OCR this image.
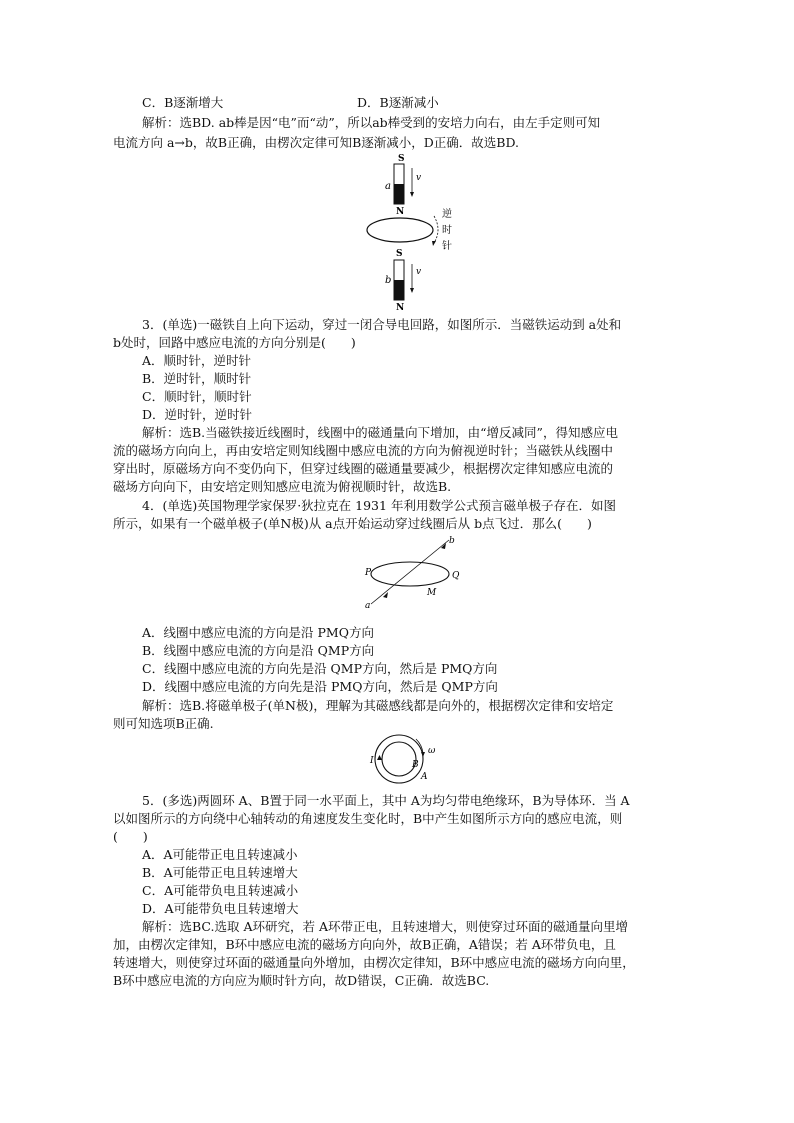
C．B逐渐增大	D．B逐渐减小
解析：选BD. ab棒是因“电”而“动”，所以ab棒受到的安培力向右，由左手定则可知
电流方向 a→b，故B正确，由楞次定律可知B逐渐减小，D正确．故选BD.
S
a
v
N	逆
时
针
S
b
v
N
3．(单选)一磁铁自上向下运动，穿过一闭合导电回路，如图所示．当磁铁运动到 a处和
b处时，回路中感应电流的方向分别是(　　)
A．顺时针，逆时针
B．逆时针，顺时针
C．顺时针，顺时针
D．逆时针，逆时针
解析：选B.当磁铁接近线圈时，线圈中的磁通量向下增加，由“增反减同”，得知感应电
流的磁场方向向上，再由安培定则知线圈中感应电流的方向为俯视逆时针；当磁铁从线圈中
穿出时，原磁场方向不变仍向下，但穿过线圈的磁通量要减少，根据楞次定律知感应电流的
磁场方向向下，由安培定则知感应电流为俯视顺时针，故选B.
4．(单选)英国物理学家保罗·狄拉克在 1931 年利用数学公式预言磁单极子存在．如图
所示，如果有一个磁单极子(单N极)从 a点开始运动穿过线圈后从 b点飞过．那么(　　)
P	Q
M
a
b
A．线圈中感应电流的方向是沿 PMQ方向
B．线圈中感应电流的方向是沿 QMP方向
C．线圈中感应电流的方向先是沿 QMP方向，然后是 PMQ方向
D．线圈中感应电流的方向先是沿 PMQ方向，然后是 QMP方向
解析：选B.将磁单极子(单N极)，理解为其磁感线都是向外的，根据楞次定律和安培定
则可知选项B正确.
ω
I	B
A
5．(多选)两圆环 A、B置于同一水平面上，其中 A为均匀带电绝缘环，B为导体环．当 A
以如图所示的方向绕中心轴转动的角速度发生变化时，B中产生如图所示方向的感应电流，则
(　　)
A．A可能带正电且转速减小
B．A可能带正电且转速增大
C．A可能带负电且转速减小
D．A可能带负电且转速增大
解析：选BC.选取 A环研究，若 A环带正电，且转速增大，则使穿过环面的磁通量向里增
加，由楞次定律知，B环中感应电流的磁场方向向外，故B正确，A错误；若 A环带负电，且
转速增大，则使穿过环面的磁通量向外增加，由楞次定律知，B环中感应电流的磁场方向向里，
B环中感应电流的方向应为顺时针方向，故D错误，C正确．故选BC.
